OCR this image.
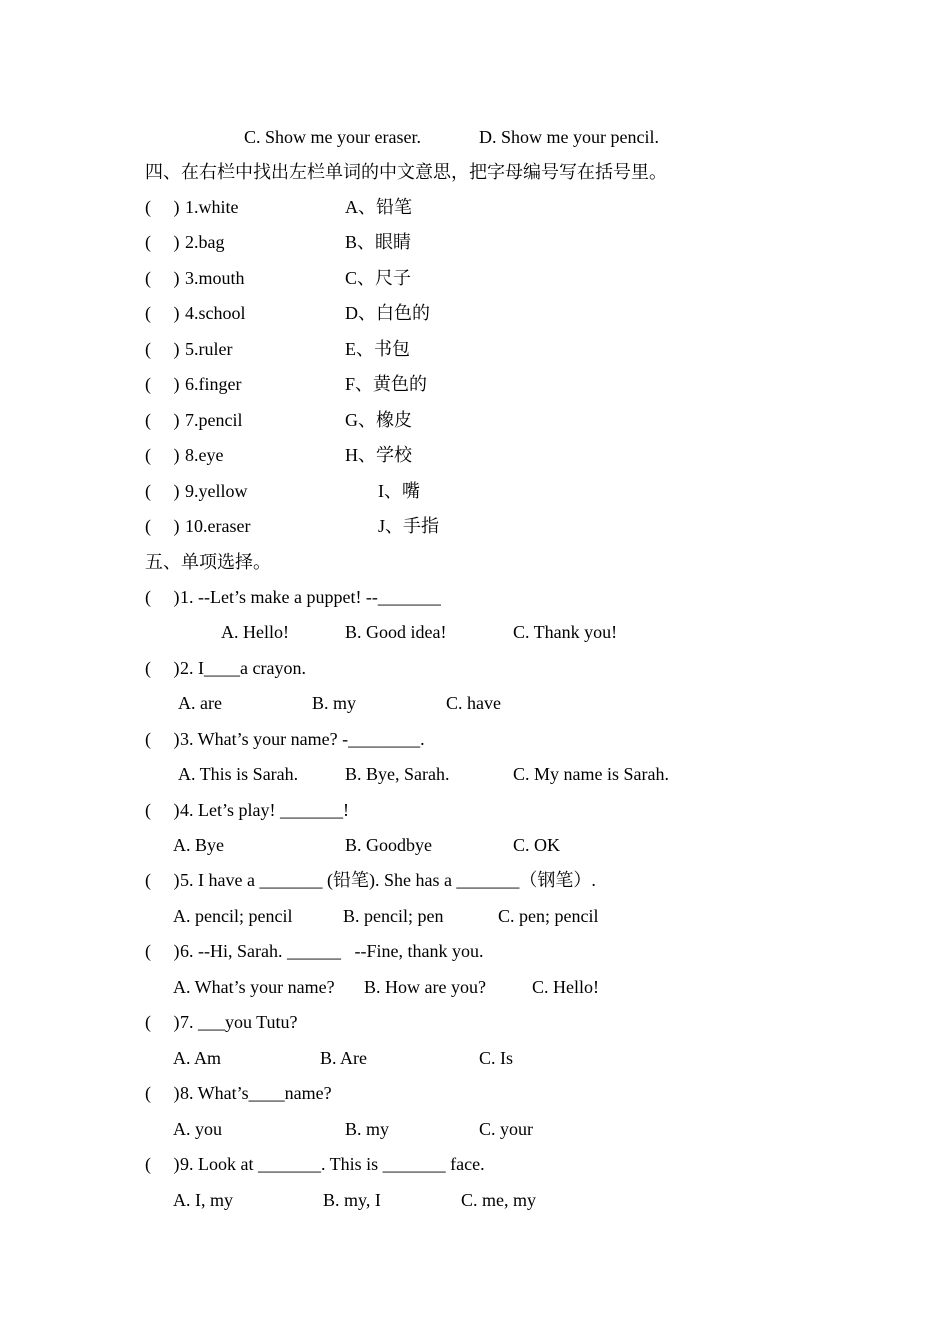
C. Show me your eraser.	D. Show me your pencil.
四、在右栏中找出左栏单词的中文意思，把字母编号写在括号里。
(     ) 1.white	A、铅笔
(     ) 2.bag	B、眼睛
(     ) 3.mouth	C、尺子
(     ) 4.school	D、白色的
(     ) 5.ruler	E、书包
(     ) 6.finger	F、黄色的
(     ) 7.pencil	G、橡皮
(     ) 8.eye	H、学校
(     ) 9.yellow	I、嘴
(     ) 10.eraser	J、手指
五、单项选择。
(     ) 1. --Let’s make a puppet! --_______
A. Hello!	B. Good idea!	C. Thank you!
(     ) 2. I____a crayon.
A. are	B. my	C. have
(     ) 3. What’s your name? -________.
A. This is Sarah.	B. Bye, Sarah.	C. My name is Sarah.
(     ) 4. Let’s play! _______!
A. Bye	B. Goodbye	C. OK
(     ) 5. I have a _______ (铅笔). She has a _______（钢笔）.
A. pencil; pencil	B. pencil; pen	C. pen; pencil
(     ) 6. --Hi, Sarah. ______   --Fine, thank you.
A. What’s your name? B. How are you?	C. Hello!
(     ) 7. ___you Tutu?
A. Am	B. Are	C. Is
(     ) 8. What’s____name?
A. you	B. my	C. your
(     ) 9. Look at _______. This is _______ face.
A. I, my	B. my, I	C. me, my
